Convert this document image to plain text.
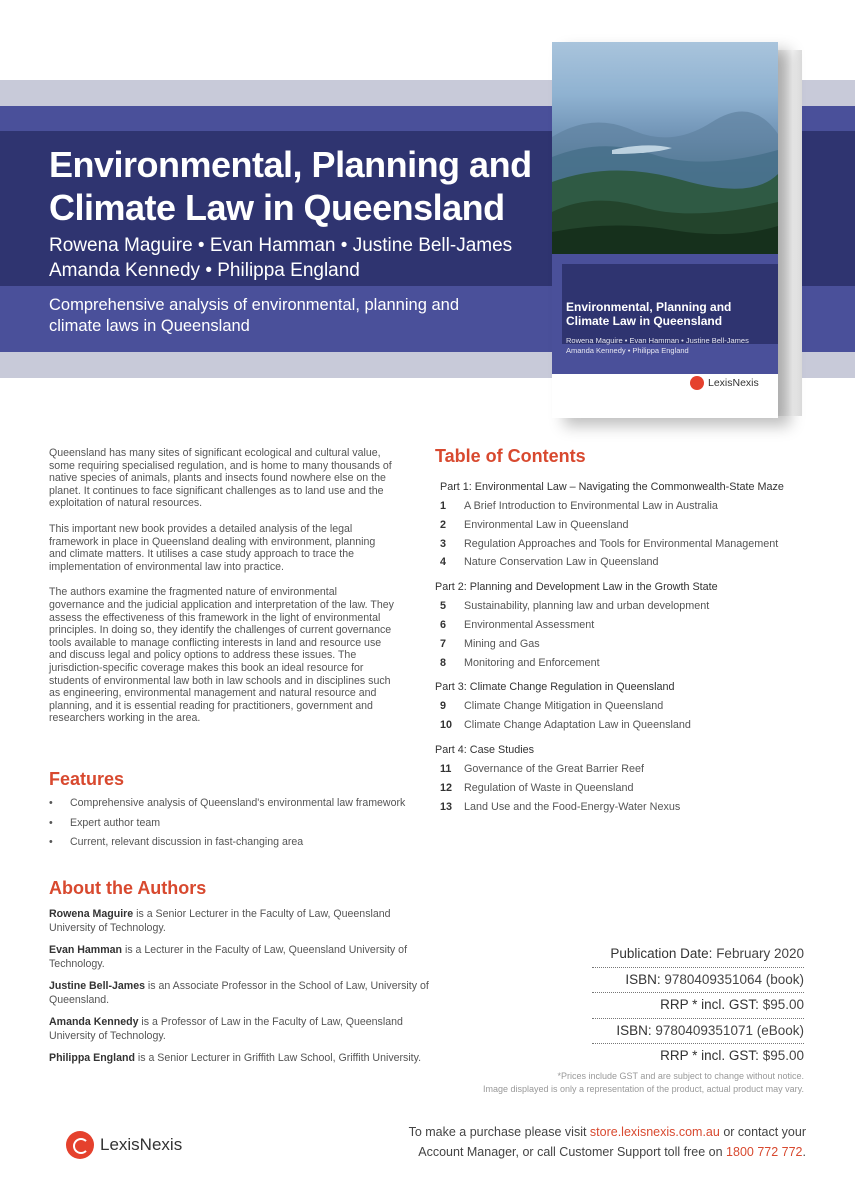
Environmental, Planning and Climate Law in Queensland
Rowena Maguire • Evan Hamman • Justine Bell-James
Amanda Kennedy • Philippa England
Comprehensive analysis of environmental, planning and climate laws in Queensland
Environmental, Planning and Climate Law in Queensland
Rowena Maguire • Evan Hamman • Justine Bell-James Amanda Kennedy • Philippa England
LexisNexis

Queensland has many sites of significant ecological and cultural value, some requiring specialised regulation, and is home to many thousands of native species of animals, plants and insects found nowhere else on the planet. It continues to face significant challenges as to land use and the exploitation of natural resources.

This important new book provides a detailed analysis of the legal framework in place in Queensland dealing with environment, planning and climate matters. It utilises a case study approach to trace the implementation of environmental law into practice.

The authors examine the fragmented nature of environmental governance and the judicial application and interpretation of the law. They assess the effectiveness of this framework in the light of environmental principles. In doing so, they identify the challenges of current governance tools available to manage conflicting interests in land and resource use and discuss legal and policy options to address these issues. The jurisdiction-specific coverage makes this book an ideal resource for students of environmental law both in law schools and in disciplines such as engineering, environmental management and natural resource and planning, and it is essential reading for practitioners, government and researchers working in the area.

Features
• Comprehensive analysis of Queensland's environmental law framework
• Expert author team
• Current, relevant discussion in fast-changing area
About the Authors
Rowena Maguire is a Senior Lecturer in the Faculty of Law, Queensland University of Technology.
Evan Hamman is a Lecturer in the Faculty of Law, Queensland University of Technology.
Justine Bell-James is an Associate Professor in the School of Law, University of Queensland.
Amanda Kennedy is a Professor of Law in the Faculty of Law, Queensland University of Technology.
Philippa England is a Senior Lecturer in Griffith Law School, Griffith University.
Table of Contents
Part 1: Environmental Law – Navigating the Commonwealth-State Maze
1	A Brief Introduction to Environmental Law in Australia
2	Environmental Law in Queensland
3	Regulation Approaches and Tools for Environmental Management
4	Nature Conservation Law in Queensland
Part 2: Planning and Development Law in the Growth State
5	Sustainability, planning law and urban development
6	Environmental Assessment
7	Mining and Gas
8	Monitoring and Enforcement
Part 3: Climate Change Regulation in Queensland
9	Climate Change Mitigation in Queensland
10	Climate Change Adaptation Law in Queensland
Part 4: Case Studies
11	Governance of the Great Barrier Reef
12	Regulation of Waste in Queensland
13	Land Use and the Food-Energy-Water Nexus
Publication Date: February 2020
ISBN: 9780409351064 (book)
RRP * incl. GST: $95.00
ISBN: 9780409351071 (eBook)
RRP * incl. GST: $95.00
*Prices include GST and are subject to change without notice.
Image displayed is only a representation of the product, actual product may vary.
LexisNexis
To make a purchase please visit store.lexisnexis.com.au or contact your Account Manager, or call Customer Support toll free on 1800 772 772.
